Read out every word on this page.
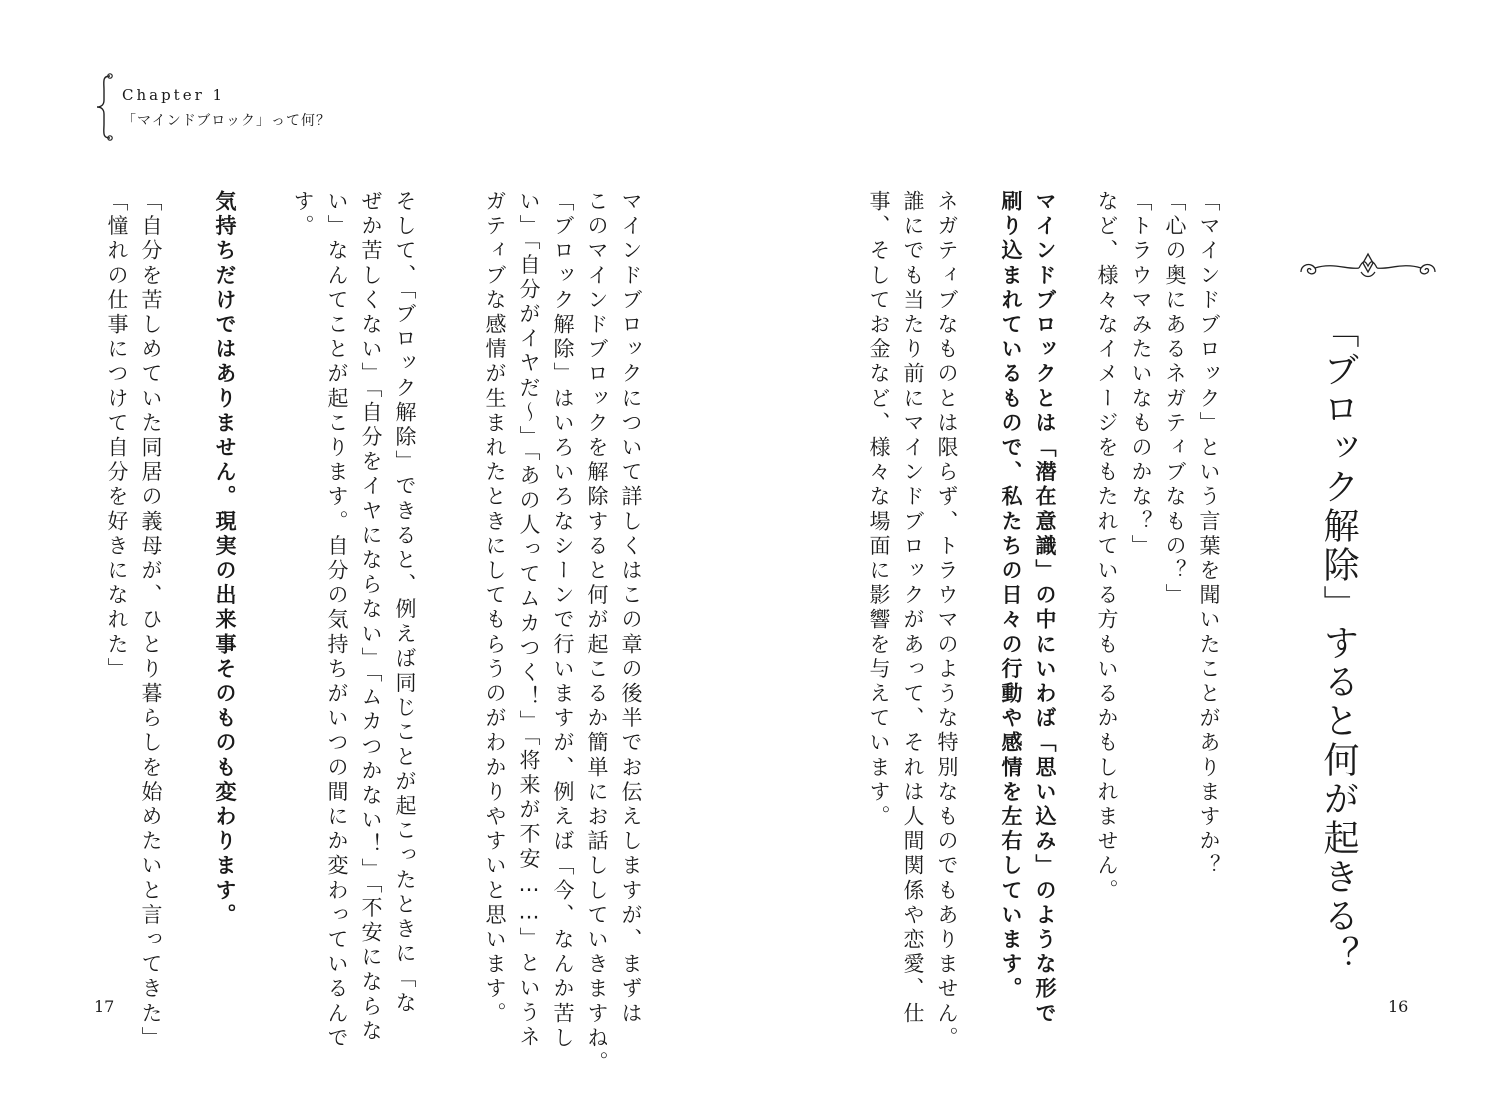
Chapter 1
「マインドブロック」って何？
「ブロック解除」すると何が起きる？
「マインドブロック」という言葉を聞いたことがありますか？
「心の奥にあるネガティブなもの？」
「トラウマみたいなものかな？」
など、様々なイメージをもたれている方もいるかもしれません。
マインドブロックとは「潜在意識」の中にいわば「思い込み」のような形で
刷り込まれているもので、私たちの日々の行動や感情を左右しています。
ネガティブなものとは限らず、トラウマのような特別なものでもありません。
誰にでも当たり前にマインドブロックがあって、それは人間関係や恋愛、仕
事、そしてお金など、様々な場面に影響を与えています。
マインドブロックについて詳しくはこの章の後半でお伝えしますが、まずは
このマインドブロックを解除すると何が起こるか簡単にお話ししていきますね。
「ブロック解除」はいろいろなシーンで行いますが、例えば「今、なんか苦し
い」「自分がイヤだ～」「あの人ってムカつく！」「将来が不安……」というネ
ガティブな感情が生まれたときにしてもらうのがわかりやすいと思います。
そして、「ブロック解除」できると、例えば同じことが起こったときに「な
ぜか苦しくない」「自分をイヤにならない」「ムカつかない！」「不安にならな
い」なんてことが起こります。自分の気持ちがいつの間にか変わっているんで
す。
気持ちだけではありません。現実の出来事そのものも変わります。
「自分を苦しめていた同居の義母が、ひとり暮らしを始めたいと言ってきた」
「憧れの仕事につけて自分を好きになれた」
17	16
